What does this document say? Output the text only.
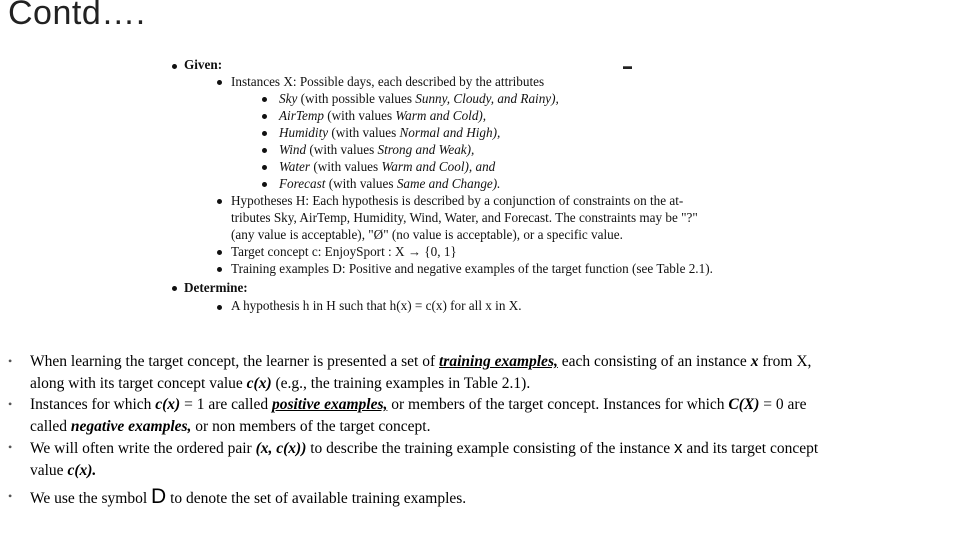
Contd….
Given:
Instances X: Possible days, each described by the attributes
Sky (with possible values Sunny, Cloudy, and Rainy),
AirTemp (with values Warm and Cold),
Humidity (with values Normal and High),
Wind (with values Strong and Weak),
Water (with values Warm and Cool), and
Forecast (with values Same and Change).
Hypotheses H: Each hypothesis is described by a conjunction of constraints on the at-
tributes Sky, AirTemp, Humidity, Wind, Water, and Forecast. The constraints may be "?"
(any value is acceptable), "Ø" (no value is acceptable), or a specific value.
Target concept c: EnjoySport : X → {0, 1}
Training examples D: Positive and negative examples of the target function (see Table 2.1).
Determine:
A hypothesis h in H such that h(x) = c(x) for all x in X.
▬
• When learning the target concept, the learner is presented a set of training examples, each consisting of an instance x from X,
along with its target concept value c(x) (e.g., the training examples in Table 2.1).
• Instances for which c(x) = 1 are called positive examples, or members of the target concept. Instances for which C(X) = 0 are
called negative examples, or non members of the target concept.
• We will often write the ordered pair (x, c(x)) to describe the training example consisting of the instance x and its target concept
value c(x).
• We use the symbol D to denote the set of available training examples.
